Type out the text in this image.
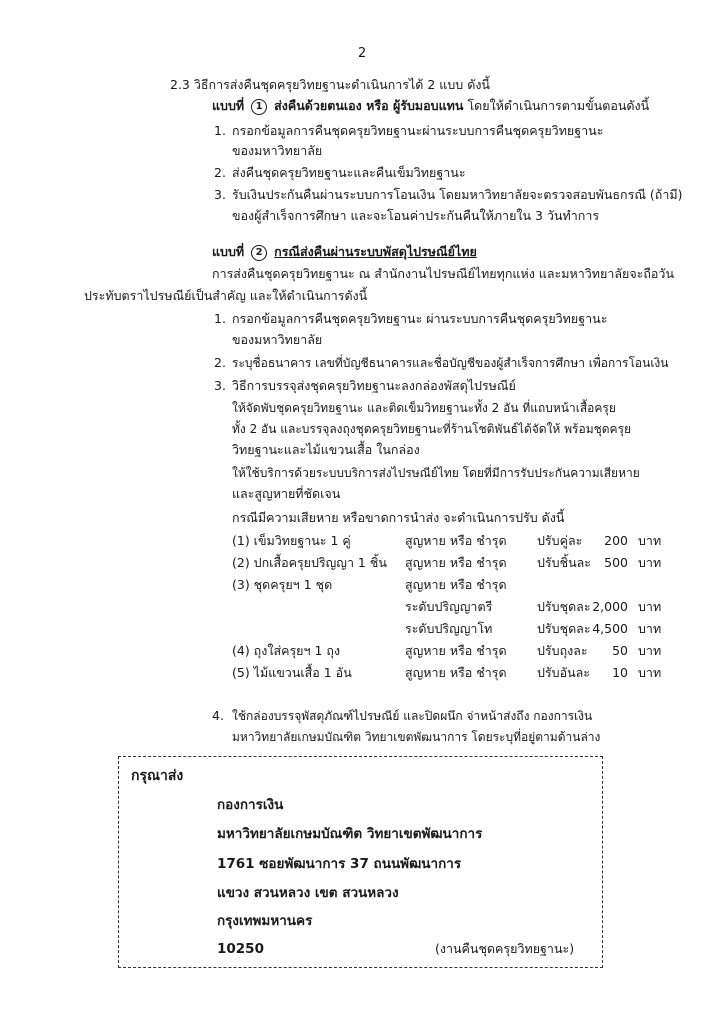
2
2.3 วิธีการส่งคืนชุดครุยวิทยฐานะดำเนินการได้ 2 แบบ ดังนี้
แบบที่ 1 ส่งคืนด้วยตนเอง หรือ ผู้รับมอบแทน โดยให้ดำเนินการตามขั้นตอนดังนี้
1. กรอกข้อมูลการคืนชุดครุยวิทยฐานะผ่านระบบการคืนชุดครุยวิทยฐานะ
ของมหาวิทยาลัย
2. ส่งคืนชุดครุยวิทยฐานะและคืนเข็มวิทยฐานะ
3. รับเงินประกันคืนผ่านระบบการโอนเงิน โดยมหาวิทยาลัยจะตรวจสอบพันธกรณี (ถ้ามี)
ของผู้สำเร็จการศึกษา และจะโอนค่าประกันคืนให้ภายใน 3 วันทำการ
แบบที่ 2 กรณีส่งคืนผ่านระบบพัสดุไปรษณีย์ไทย
การส่งคืนชุดครุยวิทยฐานะ ณ สำนักงานไปรษณีย์ไทยทุกแห่ง และมหาวิทยาลัยจะถือวัน
ประทับตราไปรษณีย์เป็นสำคัญ และให้ดำเนินการดังนี้
1. กรอกข้อมูลการคืนชุดครุยวิทยฐานะ ผ่านระบบการคืนชุดครุยวิทยฐานะ
ของมหาวิทยาลัย
2. ระบุชื่อธนาคาร เลขที่บัญชีธนาคารและชื่อบัญชีของผู้สำเร็จการศึกษา เพื่อการโอนเงิน
3. วิธีการบรรจุส่งชุดครุยวิทยฐานะลงกล่องพัสดุไปรษณีย์
ให้จัดพับชุดครุยวิทยฐานะ และติดเข็มวิทยฐานะทั้ง 2 อัน ที่แถบหน้าเสื้อครุย
ทั้ง 2 อัน และบรรจุลงถุงชุดครุยวิทยฐานะที่ร้านโชติพันธ์ได้จัดให้ พร้อมชุดครุย
วิทยฐานะและไม้แขวนเสื้อ ในกล่อง
ให้ใช้บริการด้วยระบบบริการส่งไปรษณีย์ไทย โดยที่มีการรับประกันความเสียหาย
และสูญหายที่ชัดเจน
กรณีมีความเสียหาย หรือขาดการนำส่ง จะดำเนินการปรับ ดังนี้
(1) เข็มวิทยฐานะ 1 คู่	สูญหาย หรือ ชำรุด ปรับคู่ละ	200 บาท
(2) ปกเสื้อครุยปริญญา 1 ชิ้น สูญหาย หรือ ชำรุด ปรับชิ้นละ	500 บาท
(3) ชุดครุยฯ 1 ชุด	สูญหาย หรือ ชำรุด
ระดับปริญญาตรี	ปรับชุดละ 2,000 บาท
ระดับปริญญาโท	ปรับชุดละ 4,500 บาท
(4) ถุงใส่ครุยฯ 1 ถุง	สูญหาย หรือ ชำรุด ปรับถุงละ	50 บาท
(5) ไม้แขวนเสื้อ 1 อัน	สูญหาย หรือ ชำรุด ปรับอันละ	10 บาท
4. ใช้กล่องบรรจุพัสดุภัณฑ์ไปรษณีย์ และปิดผนึก จ่าหน้าส่งถึง กองการเงิน
มหาวิทยาลัยเกษมบัณฑิต วิทยาเขตพัฒนาการ โดยระบุที่อยู่ตามด้านล่าง
กรุณาส่ง
กองการเงิน
มหาวิทยาลัยเกษมบัณฑิต วิทยาเขตพัฒนาการ
1761 ซอยพัฒนาการ 37 ถนนพัฒนาการ
แขวง สวนหลวง เขต สวนหลวง
กรุงเทพมหานคร
10250	(งานคืนชุดครุยวิทยฐานะ)
